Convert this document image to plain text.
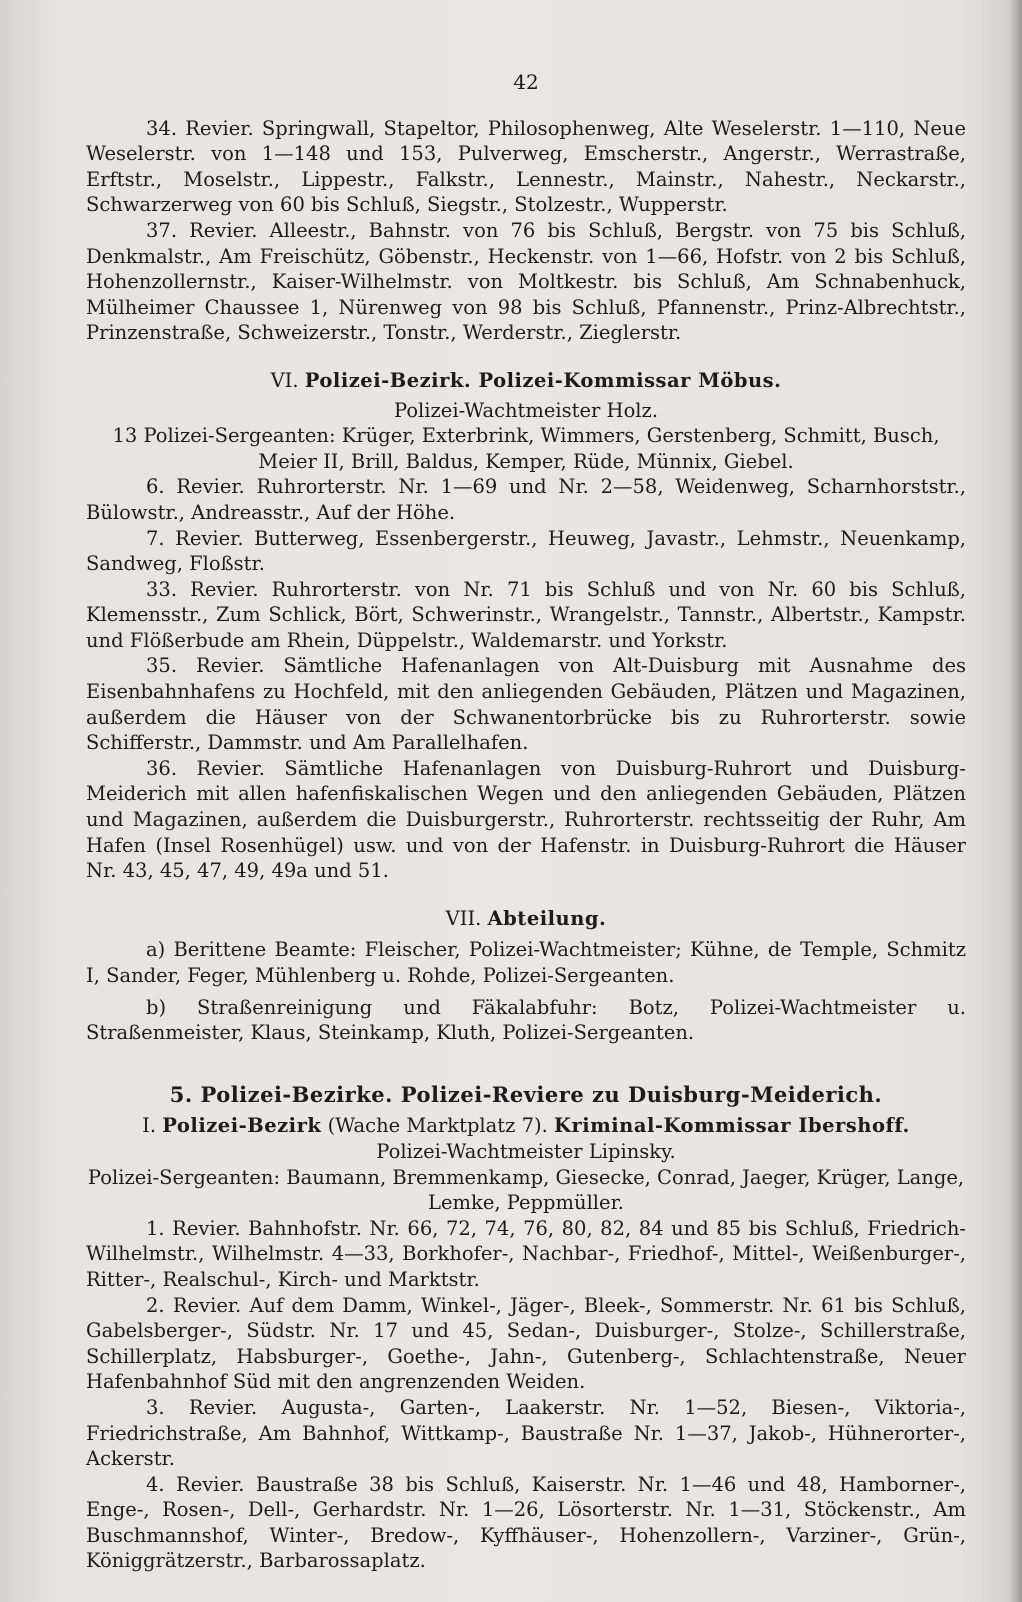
42

34. Revier. Springwall, Stapeltor, Philosophenweg, Alte Weselerstr. 1—110, Neue Weselerstr. von 1—148 und 153, Pulverweg, Emscherstr., Angerstr., Werrastraße, Erftstr., Moselstr., Lippestr., Falkstr., Lennestr., Mainstr., Nahestr., Neckarstr., Schwarzerweg von 60 bis Schluß, Siegstr., Stolzestr., Wupperstr.

37. Revier. Alleestr., Bahnstr. von 76 bis Schluß, Bergstr. von 75 bis Schluß, Denkmalstr., Am Freischütz, Göbenstr., Heckenstr. von 1—66, Hofstr. von 2 bis Schluß, Hohenzollernstr., Kaiser-Wilhelmstr. von Moltkestr. bis Schluß, Am Schnabenhuck, Mülheimer Chaussee 1, Nürenweg von 98 bis Schluß, Pfannenstr., Prinz-Albrechtstr., Prinzenstraße, Schweizerstr., Tonstr., Werderstr., Zieglerstr.

VI. Polizei-Bezirk. Polizei-Kommissar Möbus.

Polizei-Wachtmeister Holz.

13 Polizei-Sergeanten: Krüger, Exterbrink, Wimmers, Gerstenberg, Schmitt, Busch, Meier II, Brill, Baldus, Kemper, Rüde, Münnix, Giebel.

6. Revier. Ruhrorterstr. Nr. 1—69 und Nr. 2—58, Weidenweg, Scharnhorststr., Bülowstr., Andreasstr., Auf der Höhe.

7. Revier. Butterweg, Essenbergerstr., Heuweg, Javastr., Lehmstr., Neuenkamp, Sandweg, Floßstr.

33. Revier. Ruhrorterstr. von Nr. 71 bis Schluß und von Nr. 60 bis Schluß, Klemensstr., Zum Schlick, Bört, Schwerinstr., Wrangelstr., Tannstr., Albertstr., Kampstr. und Flößerbude am Rhein, Düppelstr., Waldemarstr. und Yorkstr.

35. Revier. Sämtliche Hafenanlagen von Alt-Duisburg mit Ausnahme des Eisenbahnhafens zu Hochfeld, mit den anliegenden Gebäuden, Plätzen und Magazinen, außerdem die Häuser von der Schwanentorbrücke bis zu Ruhrorterstr. sowie Schifferstr., Dammstr. und Am Parallelhafen.

36. Revier. Sämtliche Hafenanlagen von Duisburg-Ruhrort und Duisburg-Meiderich mit allen hafenfiskalischen Wegen und den anliegenden Gebäuden, Plätzen und Magazinen, außerdem die Duisburgerstr., Ruhrorterstr. rechtsseitig der Ruhr, Am Hafen (Insel Rosenhügel) usw. und von der Hafenstr. in Duisburg-Ruhrort die Häuser Nr. 43, 45, 47, 49, 49a und 51.

VII. Abteilung.

a) Berittene Beamte: Fleischer, Polizei-Wachtmeister; Kühne, de Temple, Schmitz I, Sander, Feger, Mühlenberg u. Rohde, Polizei-Sergeanten.

b) Straßenreinigung und Fäkalabfuhr: Botz, Polizei-Wachtmeister u. Straßenmeister, Klaus, Steinkamp, Kluth, Polizei-Sergeanten.

5. Polizei-Bezirke. Polizei-Reviere zu Duisburg-Meiderich.

I. Polizei-Bezirk (Wache Marktplatz 7). Kriminal-Kommissar Ibershoff.

Polizei-Wachtmeister Lipinsky.

Polizei-Sergeanten: Baumann, Bremmenkamp, Giesecke, Conrad, Jaeger, Krüger, Lange, Lemke, Peppmüller.

1. Revier. Bahnhofstr. Nr. 66, 72, 74, 76, 80, 82, 84 und 85 bis Schluß, Friedrich-Wilhelmstr., Wilhelmstr. 4—33, Borkhofer-, Nachbar-, Friedhof-, Mittel-, Weißenburger-, Ritter-, Realschul-, Kirch- und Marktstr.

2. Revier. Auf dem Damm, Winkel-, Jäger-, Bleek-, Sommerstr. Nr. 61 bis Schluß, Gabelsberger-, Südstr. Nr. 17 und 45, Sedan-, Duisburger-, Stolze-, Schillerstraße, Schillerplatz, Habsburger-, Goethe-, Jahn-, Gutenberg-, Schlachtenstraße, Neuer Hafenbahnhof Süd mit den angrenzenden Weiden.

3. Revier. Augusta-, Garten-, Laakerstr. Nr. 1—52, Biesen-, Viktoria-, Friedrichstraße, Am Bahnhof, Wittkamp-, Baustraße Nr. 1—37, Jakob-, Hühnerorter-, Ackerstr.

4. Revier. Baustraße 38 bis Schluß, Kaiserstr. Nr. 1—46 und 48, Hamborner-, Enge-, Rosen-, Dell-, Gerhardstr. Nr. 1—26, Lösorterstr. Nr. 1—31, Stöckenstr., Am Buschmannshof, Winter-, Bredow-, Kyffhäuser-, Hohenzollern-, Varziner-, Grün-, Königgrätzerstr., Barbarossaplatz.
